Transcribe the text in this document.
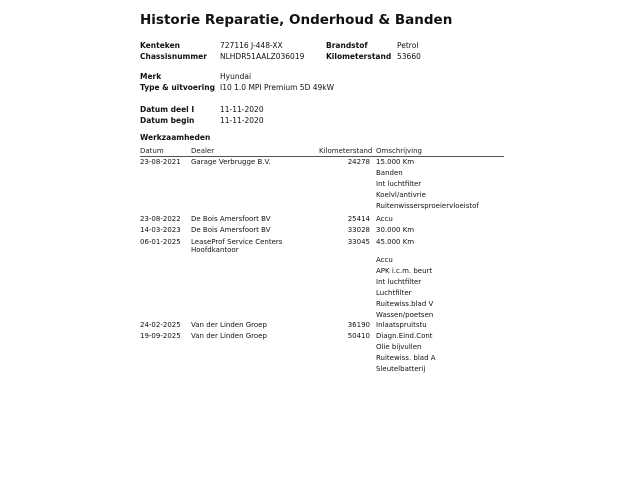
Historie Reparatie, Onderhoud & Banden
Kenteken	727116 J-448-XX	Brandstof	Petrol
Chassisnummer NLHDR51AALZ036019	Kilometerstand 53660
Merk	Hyundai
Type & uitvoering I10 1.0 MPI Premium 5D 49kW
Datum deel I	11-11-2020
Datum begin	11-11-2020
Werkzaamheden
Datum	Dealer	Kilometerstand Omschrijving
23-08-2021 Garage Verbrugge B.V.	24278 15.000 Km
Banden
Int luchtfilter
Koelvl/antivrie
Ruitenwissersproeiervloeistof
23-08-2022 De Bois Amersfoort BV	25414 Accu
14-03-2023 De Bois Amersfoort BV	33028 30.000 Km
06-01-2025 LeaseProf Service Centers
Hoofdkantoor
33045 45.000 Km
Accu
APK i.c.m. beurt
Int luchtfilter
Luchtfilter
Ruitewiss.blad V
Wassen/poetsen
24-02-2025 Van der Linden Groep	36190 Inlaatspruitstu
19-09-2025 Van der Linden Groep	50410 Diagn.Eind.Cont
Olie bijvullen
Ruitewiss. blad A
Sleutelbatterij
